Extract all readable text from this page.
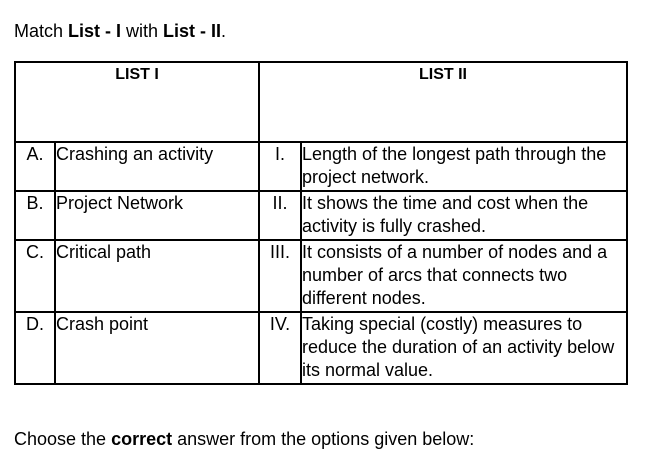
Match List - I with List - II.
LIST I		LIST II	
A.	Crashing an activity	I.	Length of the longest path through the project network.
B.	Project Network	II.	It shows the time and cost when the activity is fully crashed.
C.	Critical path	III.	It consists of a number of nodes and a number of arcs that connects two different nodes.
D.	Crash point	IV.	Taking special (costly) measures to reduce the duration of an activity below its normal value.
Choose the correct answer from the options given below:
